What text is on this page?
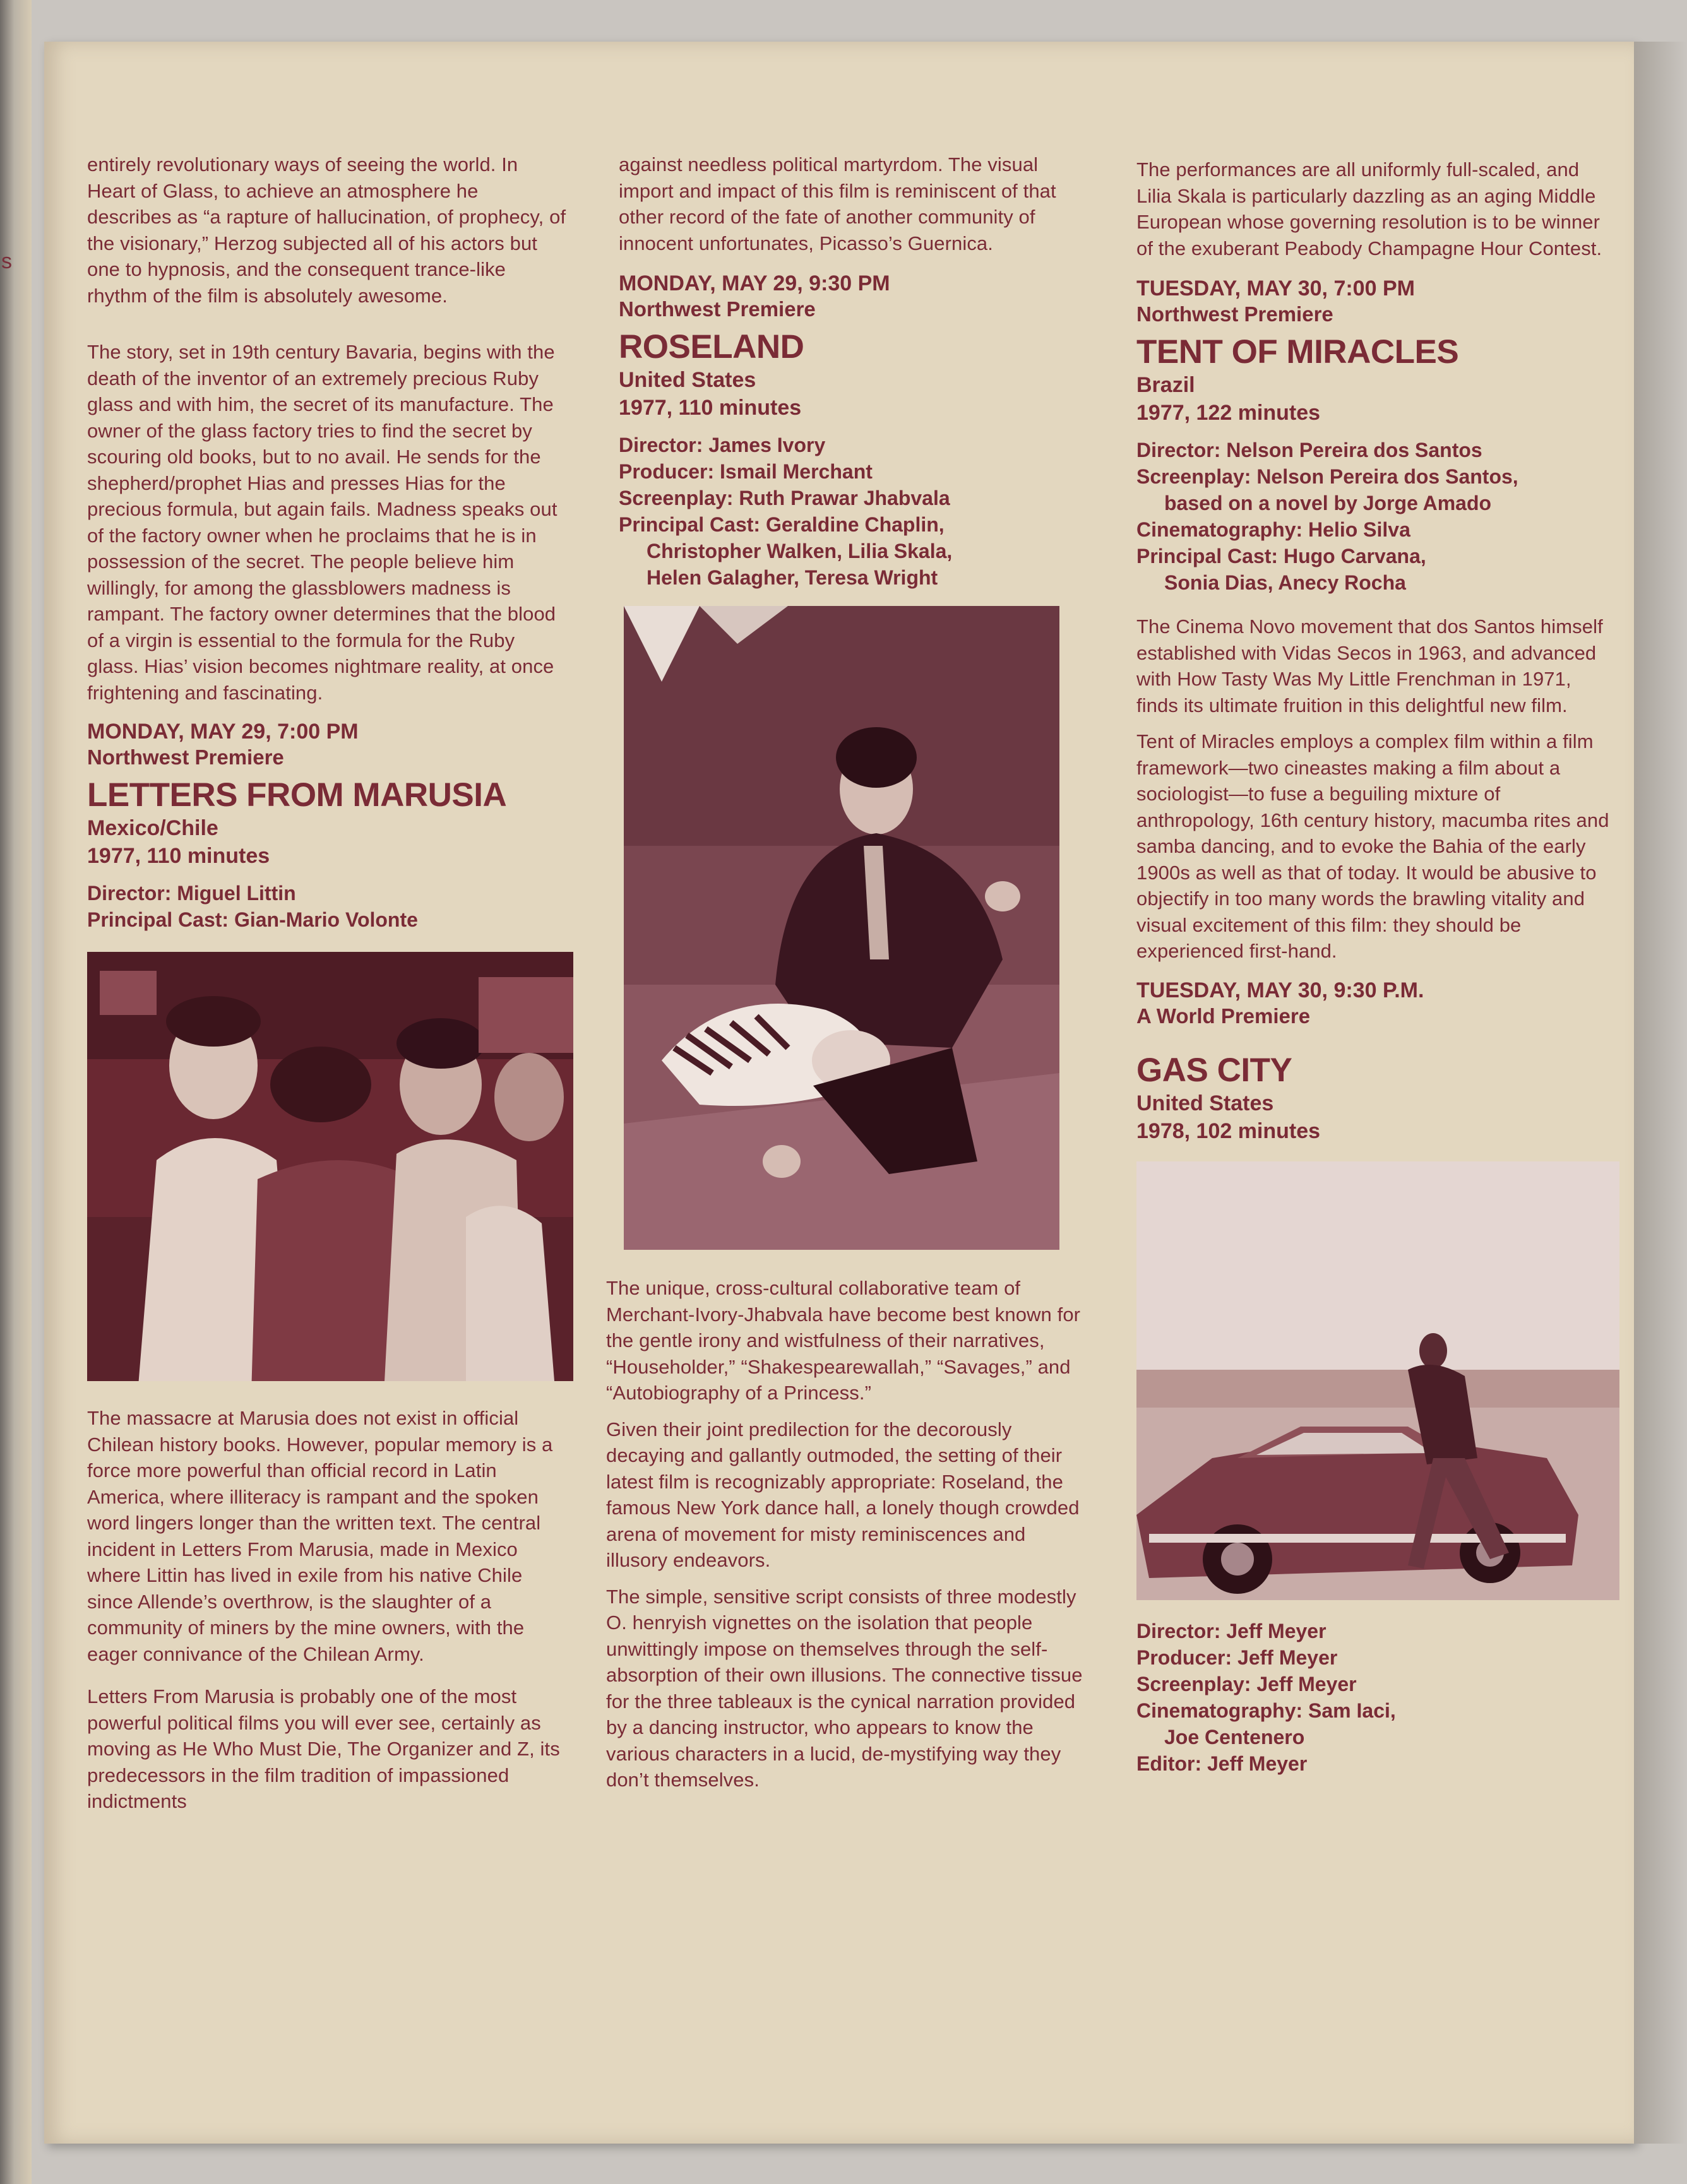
s

entirely revolutionary ways of seeing the world. In Heart of Glass, to achieve an atmosphere he describes as “a rapture of hallucination, of prophecy, of the visionary,” Herzog subjected all of his actors but one to hypnosis, and the consequent trance-like rhythm of the film is absolutely awesome.

The story, set in 19th century Bavaria, begins with the death of the inventor of an extremely precious Ruby glass and with him, the secret of its manufacture. The owner of the glass factory tries to find the secret by scouring old books, but to no avail. He sends for the shepherd/prophet Hias and presses Hias for the precious formula, but again fails. Madness speaks out of the factory owner when he proclaims that he is in possession of the secret. The people believe him willingly, for among the glassblowers madness is rampant. The factory owner determines that the blood of a virgin is essential to the formula for the Ruby glass. Hias’ vision becomes nightmare reality, at once frightening and fascinating.

MONDAY, MAY 29, 7:00 PM
Northwest Premiere
LETTERS FROM MARUSIA
Mexico/Chile
1977, 110 minutes
Director: Miguel Littin
Principal Cast: Gian-Mario Volonte

The massacre at Marusia does not exist in official Chilean history books. However, popular memory is a force more powerful than official record in Latin America, where illiteracy is rampant and the spoken word lingers longer than the written text. The central incident in Letters From Marusia, made in Mexico where Littin has lived in exile from his native Chile since Allende’s overthrow, is the slaughter of a community of miners by the mine owners, with the eager connivance of the Chilean Army.

Letters From Marusia is probably one of the most powerful political films you will ever see, certainly as moving as He Who Must Die, The Organizer and Z, its predecessors in the film tradition of impassioned indictments

against needless political martyrdom. The visual import and impact of this film is reminiscent of that other record of the fate of another community of innocent unfortunates, Picasso’s Guernica.

MONDAY, MAY 29, 9:30 PM
Northwest Premiere
ROSELAND
United States
1977, 110 minutes
Director: James Ivory
Producer: Ismail Merchant
Screenplay: Ruth Prawar Jhabvala
Principal Cast: Geraldine Chaplin,
Christopher Walken, Lilia Skala,
Helen Galagher, Teresa Wright

The unique, cross-cultural collaborative team of Merchant-Ivory-Jhabvala have become best known for the gentle irony and wistfulness of their narratives, “Householder,” “Shakespearewallah,” “Savages,” and “Autobiography of a Princess.”

Given their joint predilection for the decorously decaying and gallantly outmoded, the setting of their latest film is recognizably appropriate: Roseland, the famous New York dance hall, a lonely though crowded arena of movement for misty reminiscences and illusory endeavors.

The simple, sensitive script consists of three modestly O. henryish vignettes on the isolation that people unwittingly impose on themselves through the self-absorption of their own illusions. The connective tissue for the three tableaux is the cynical narration provided by a dancing instructor, who appears to know the various characters in a lucid, de-mystifying way they don’t themselves.

The performances are all uniformly full-scaled, and Lilia Skala is particularly dazzling as an aging Middle European whose governing resolution is to be winner of the exuberant Peabody Champagne Hour Contest.

TUESDAY, MAY 30, 7:00 PM
Northwest Premiere
TENT OF MIRACLES
Brazil
1977, 122 minutes
Director: Nelson Pereira dos Santos
Screenplay: Nelson Pereira dos Santos,
based on a novel by Jorge Amado
Cinematography: Helio Silva
Principal Cast: Hugo Carvana,
Sonia Dias, Anecy Rocha

The Cinema Novo movement that dos Santos himself established with Vidas Secos in 1963, and advanced with How Tasty Was My Little Frenchman in 1971, finds its ultimate fruition in this delightful new film.

Tent of Miracles employs a complex film within a film framework—two cineastes making a film about a sociologist—to fuse a beguiling mixture of anthropology, 16th century history, macumba rites and samba dancing, and to evoke the Bahia of the early 1900s as well as that of today. It would be abusive to objectify in too many words the brawling vitality and visual excitement of this film: they should be experienced first-hand.

TUESDAY, MAY 30, 9:30 P.M.
A World Premiere
GAS CITY
United States
1978, 102 minutes
Director: Jeff Meyer
Producer: Jeff Meyer
Screenplay: Jeff Meyer
Cinematography: Sam Iaci,
Joe Centenero
Editor: Jeff Meyer
